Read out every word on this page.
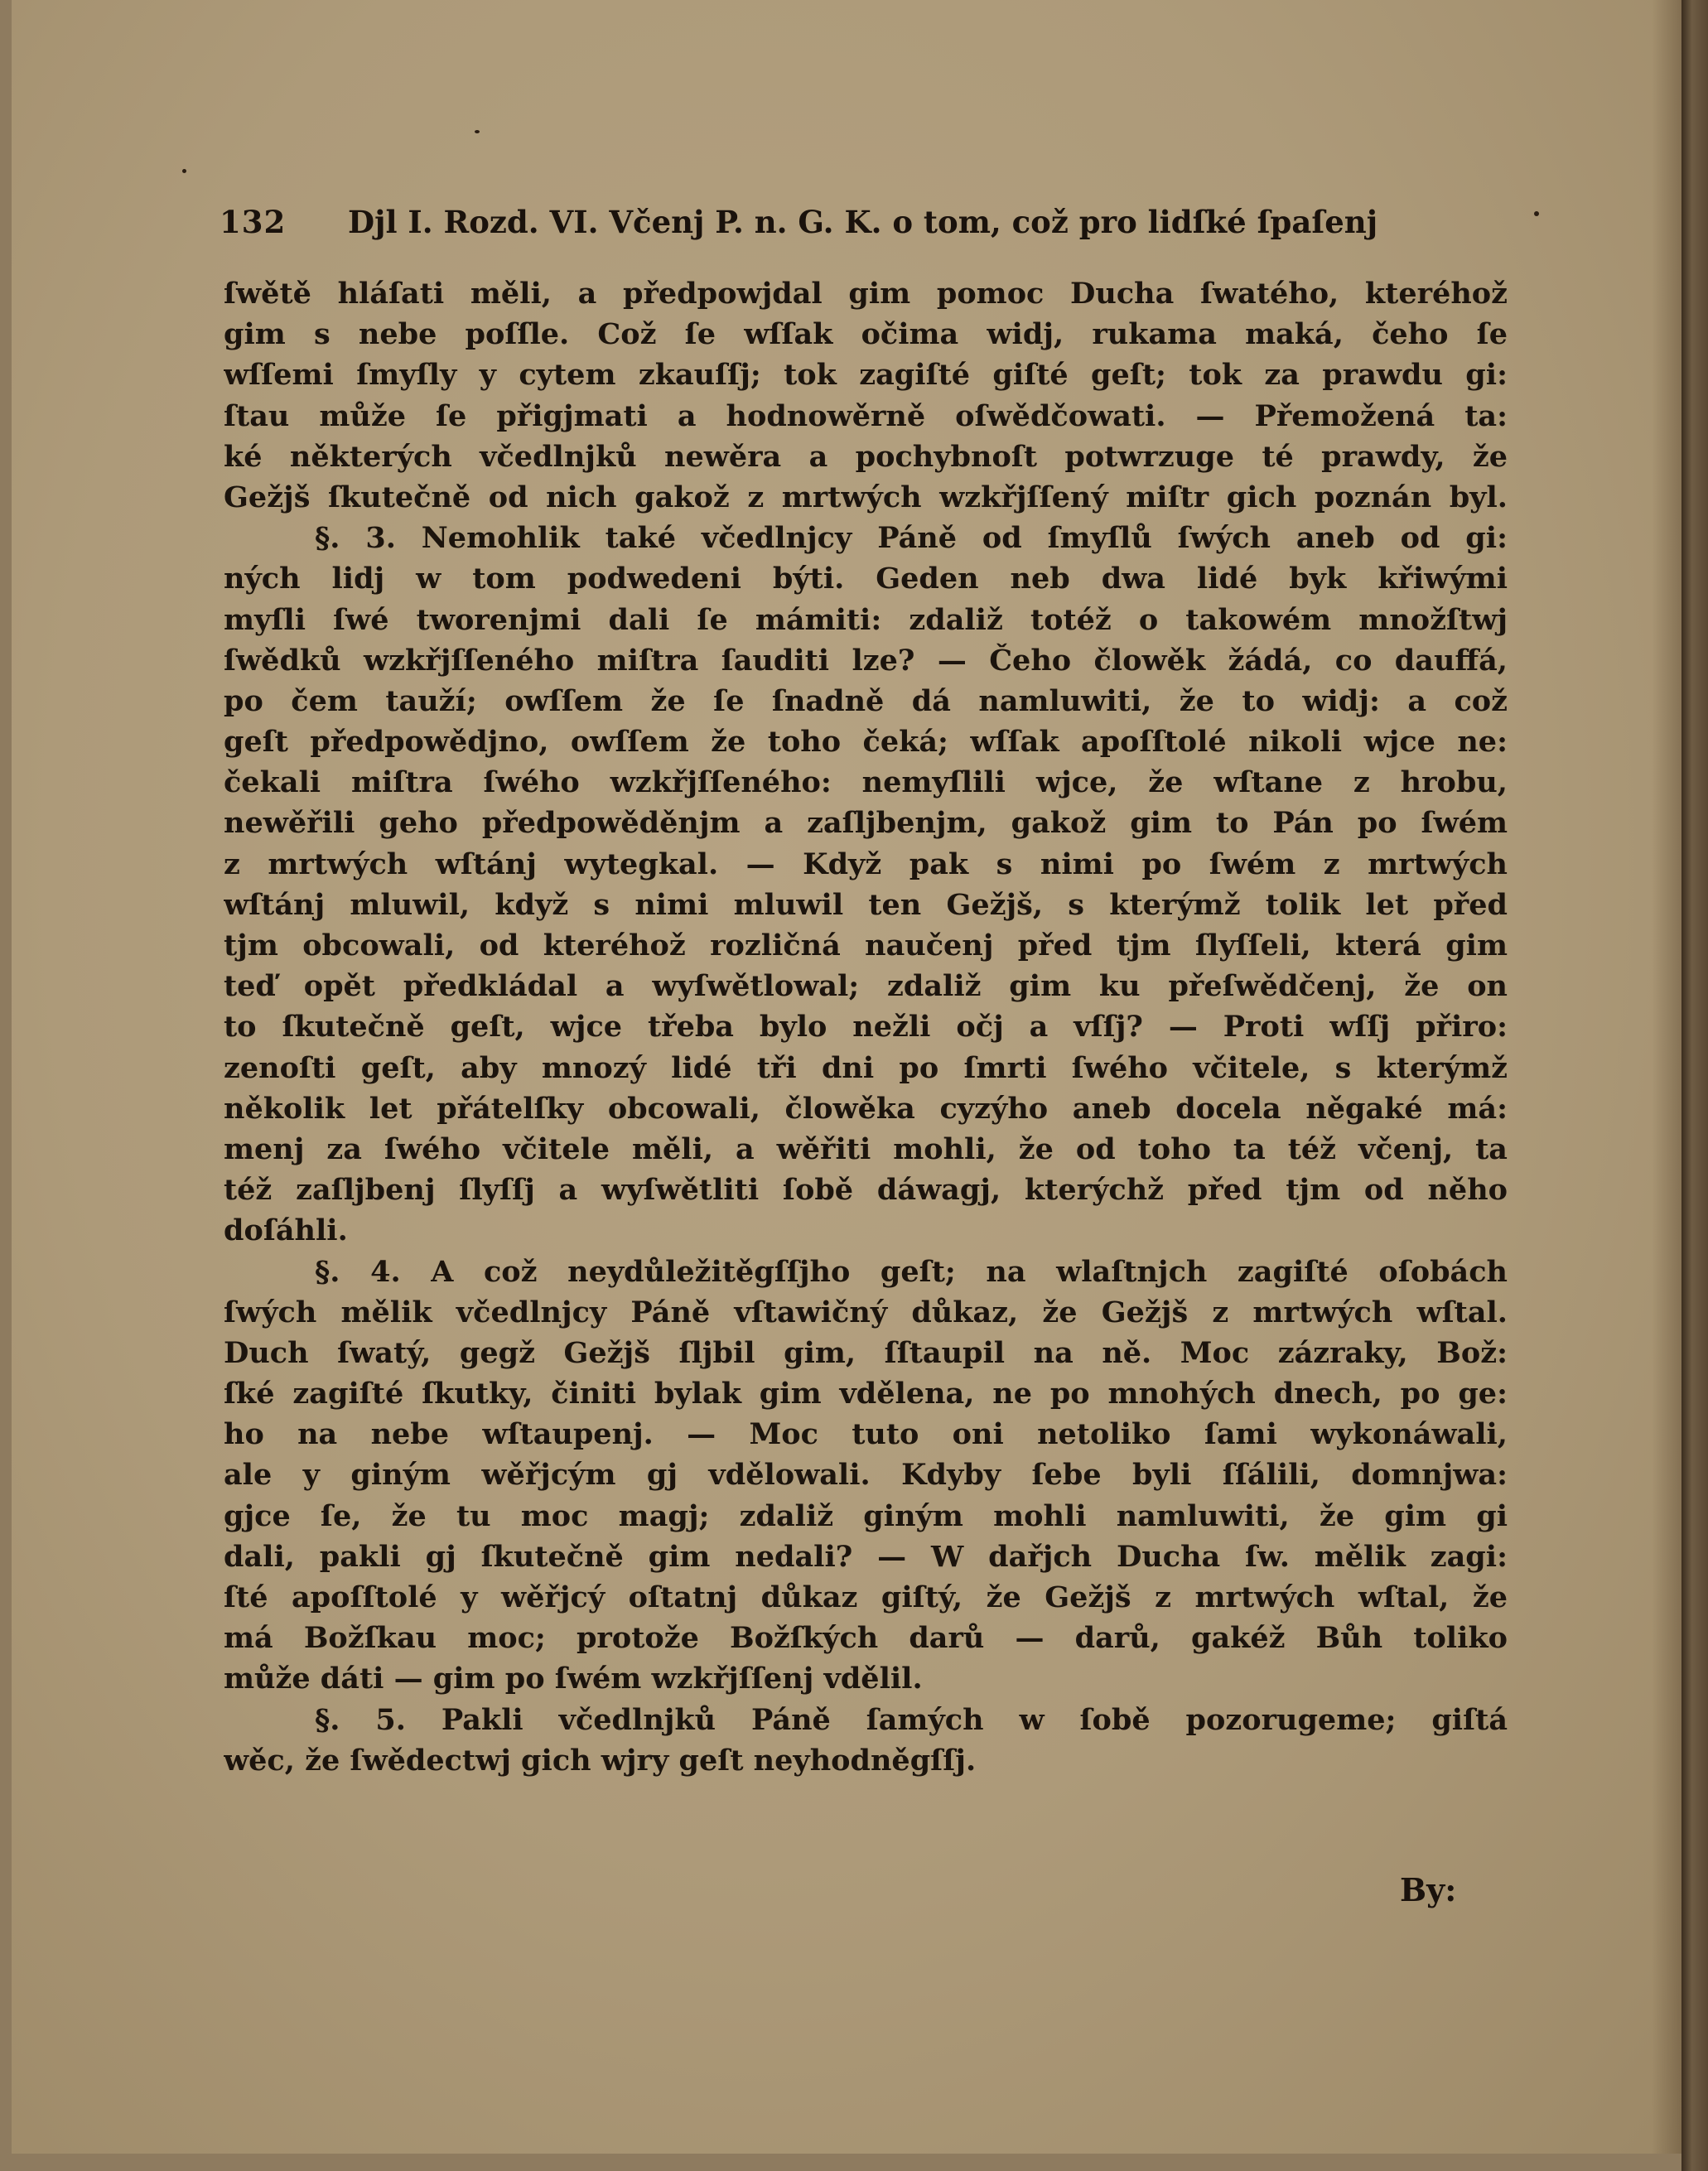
132 Djl I. Rozd. VI. Včenj P. n. G. K. o tom, což pro lidſké ſpaſenj
ſwětě hláſati měli, a předpowjdal gim pomoc Ducha ſwatého, kteréhož
gim s nebe poſſle. Což ſe wſſak očima widj, rukama maká, čeho ſe
wſſemi ſmyſly y cytem zkauſſj; tok zagiſté giſté geſt; tok za prawdu gi:
ſtau může ſe přigjmati a hodnowěrně oſwědčowati. — Přemožená ta:
ké některých včedlnjků newěra a pochybnoſt potwrzuge té prawdy, že
Gežjš ſkutečně od nich gakož z mrtwých wzkřjſſený miſtr gich poznán byl.
§. 3. Nemohlik také včedlnjcy Páně od ſmyſlů ſwých aneb od gi:
ných lidj w tom podwedeni býti. Geden neb dwa lidé byk křiwými
myſli ſwé tworenjmi dali ſe mámiti: zdaliž totéž o takowém množſtwj
ſwědků wzkřjſſeného miſtra ſauditi lze? — Čeho člowěk žádá, co dauffá,
po čem tauží; owſſem že ſe ſnadně dá namluwiti, že to widj: a což
geſt předpowědjno, owſſem že toho čeká; wſſak apoſſtolé nikoli wjce ne:
čekali miſtra ſwého wzkřjſſeného: nemyſlili wjce, že wſtane z hrobu,
newěřili geho předpowěděnjm a zaſljbenjm, gakož gim to Pán po ſwém
z mrtwých wſtánj wytegkal. — Když pak s nimi po ſwém z mrtwých
wſtánj mluwil, když s nimi mluwil ten Gežjš, s kterýmž tolik let před
tjm obcowali, od kteréhož rozličná naučenj před tjm ſlyſſeli, která gim
teď opět předkládal a wyſwětlowal; zdaliž gim ku přeſwědčenj, že on
to ſkutečně geſt, wjce třeba bylo nežli očj a vſſj? — Proti wſſj přiro:
zenoſti geſt, aby mnozý lidé tři dni po ſmrti ſwého včitele, s kterýmž
několik let přátelſky obcowali, člowěka cyzýho aneb docela něgaké má:
menj za ſwého včitele měli, a wěřiti mohli, že od toho ta též včenj, ta
též zaſljbenj ſlyſſj a wyſwětliti ſobě dáwagj, kterýchž před tjm od něho
doſáhli.
§. 4. A což neydůležitěgſſjho geſt; na wlaſtnjch zagiſté oſobách
ſwých mělik včedlnjcy Páně vſtawičný důkaz, že Gežjš z mrtwých wſtal.
Duch ſwatý, gegž Gežjš ſljbil gim, ſſtaupil na ně. Moc zázraky, Bož:
ſké zagiſté ſkutky, činiti bylak gim vdělena, ne po mnohých dnech, po ge:
ho na nebe wſtaupenj. — Moc tuto oni netoliko ſami wykonáwali,
ale y giným wěřjcým gj vdělowali. Kdyby ſebe byli ſſálili, domnjwa:
gjce ſe, že tu moc magj; zdaliž giným mohli namluwiti, že gim gi
dali, pakli gj ſkutečně gim nedali? — W dařjch Ducha ſw. mělik zagi:
ſté apoſſtolé y wěřjcý oſtatnj důkaz giſtý, že Gežjš z mrtwých wſtal, že
má Božſkau moc; protože Božſkých darů — darů, gakéž Bůh toliko
může dáti — gim po ſwém wzkřjſſenj vdělil.
§. 5. Pakli včedlnjků Páně ſamých w ſobě pozorugeme; giſtá
wěc, že ſwědectwj gich wjry geſt neyhodněgſſj.
By:
